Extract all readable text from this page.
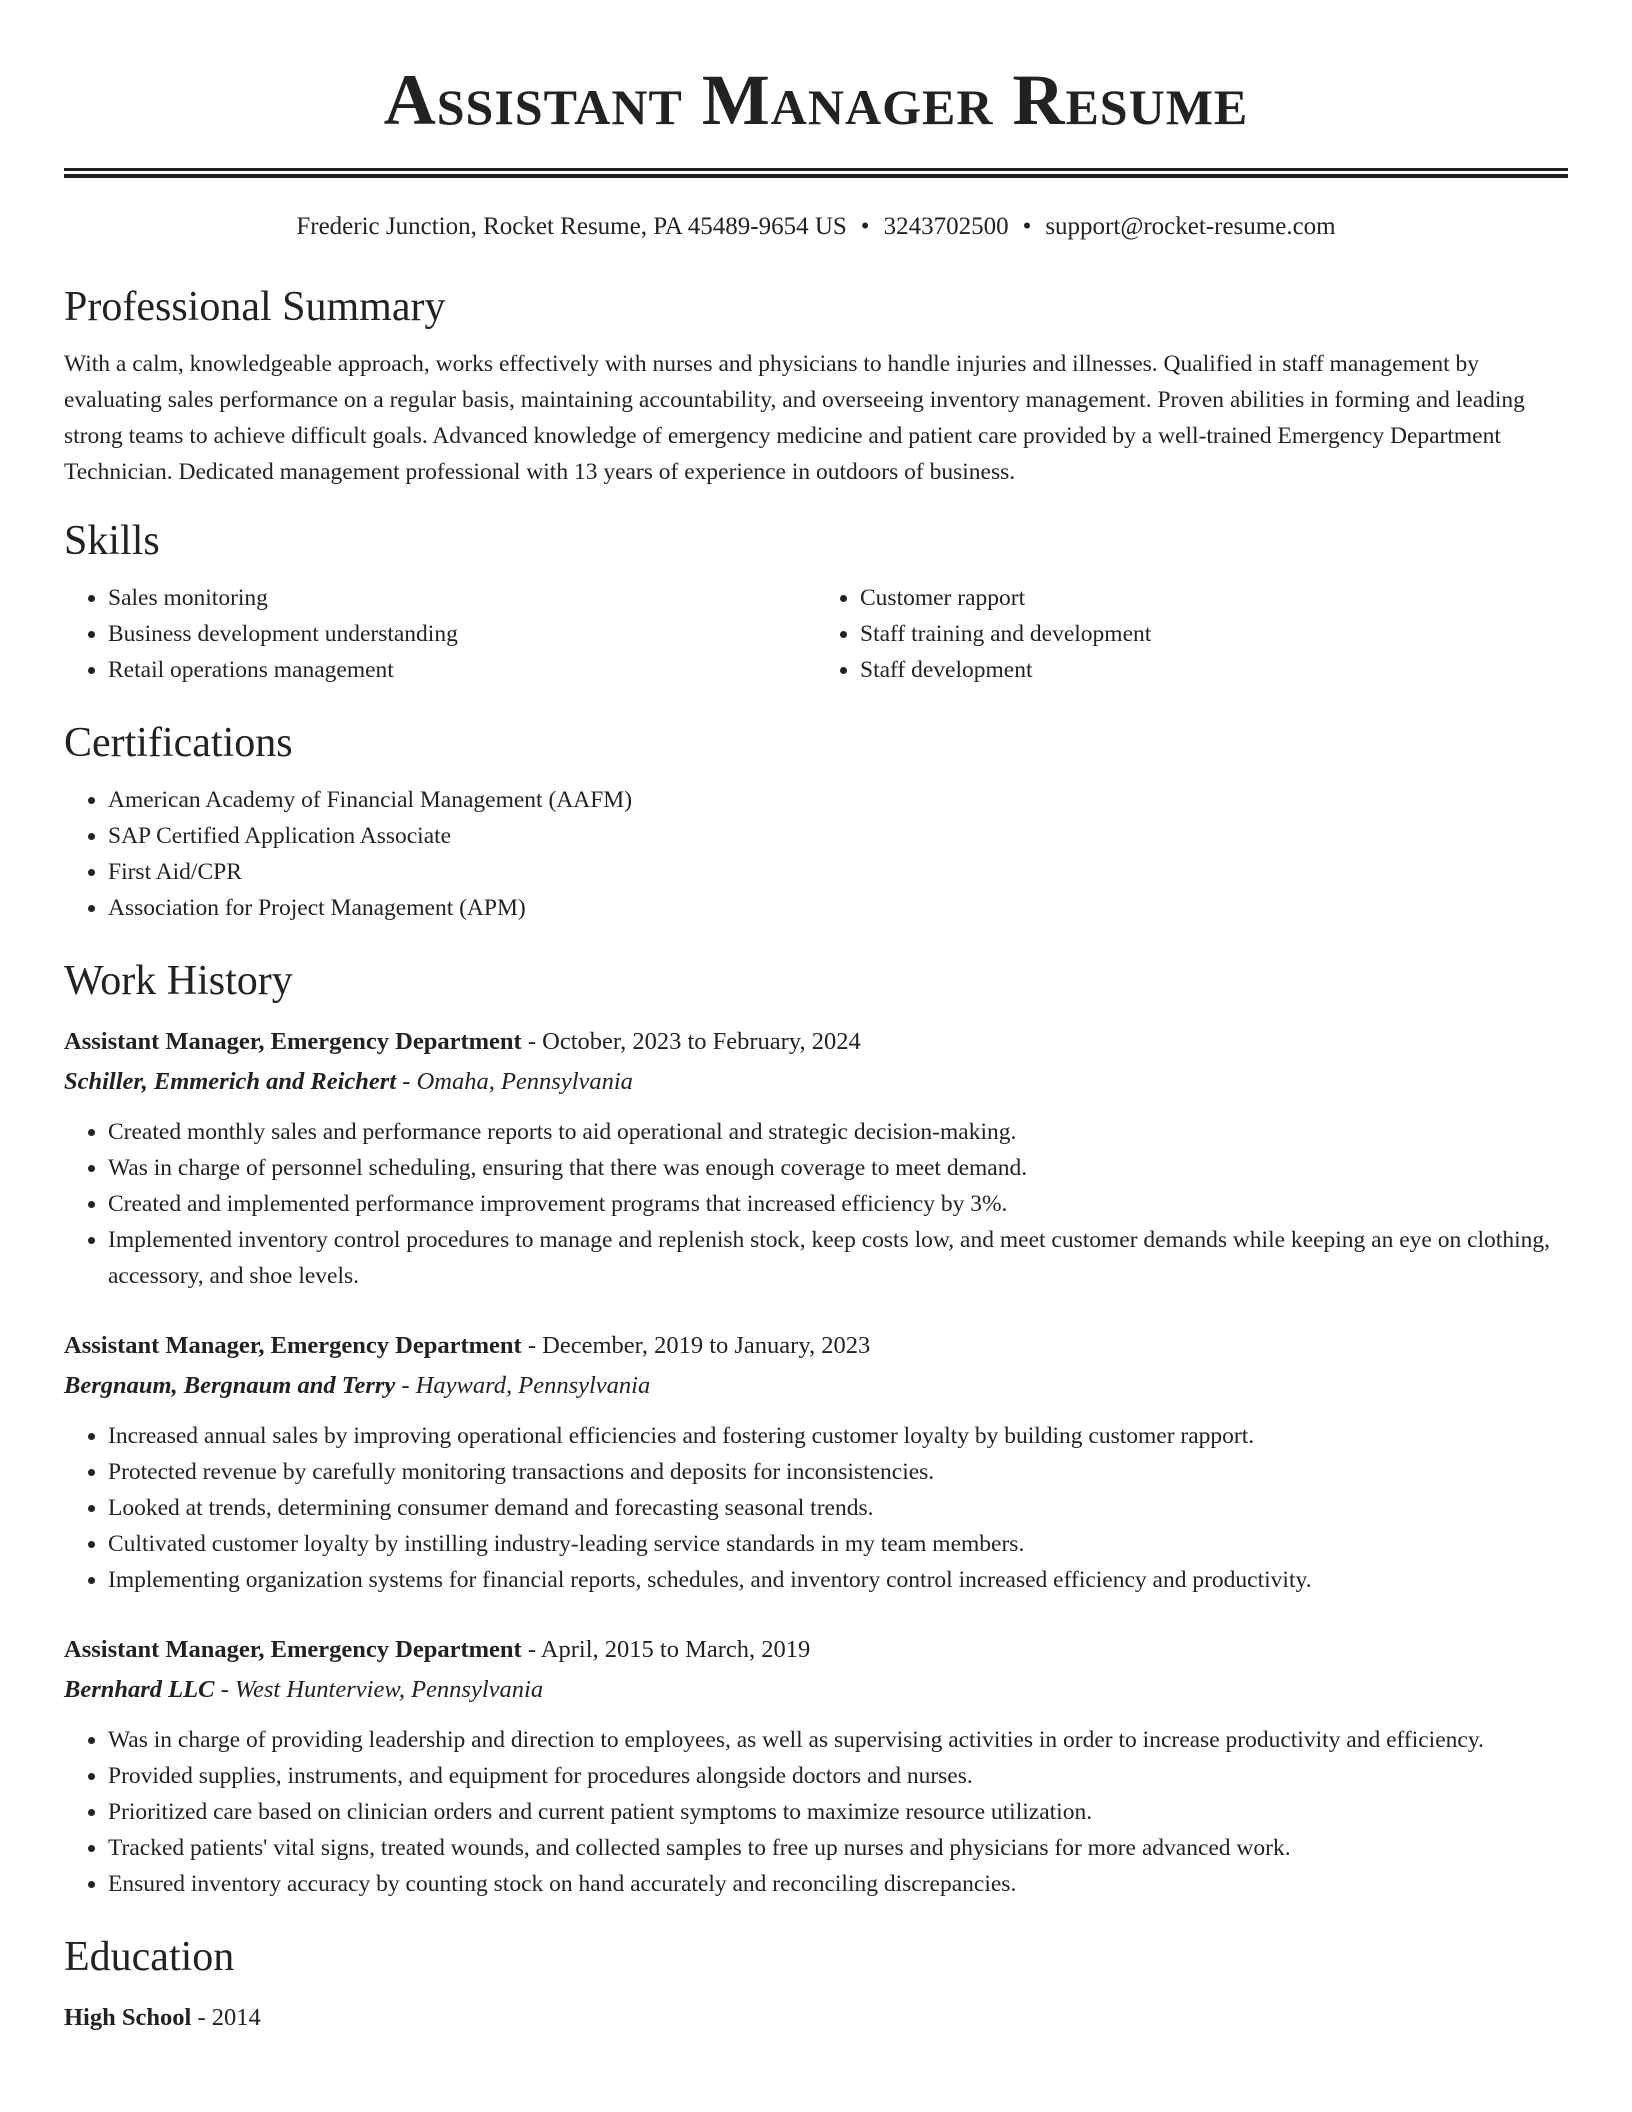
Assistant Manager Resume
Frederic Junction, Rocket Resume, PA 45489-9654 US • 3243702500 • support@rocket-resume.com
Professional Summary

With a calm, knowledgeable approach, works effectively with nurses and physicians to handle injuries and illnesses. Qualified in staff management by evaluating sales performance on a regular basis, maintaining accountability, and overseeing inventory management. Proven abilities in forming and leading strong teams to achieve difficult goals. Advanced knowledge of emergency medicine and patient care provided by a well-trained Emergency Department Technician. Dedicated management professional with 13 years of experience in outdoors of business.

Skills
• Sales monitoring
• Business development understanding
• Retail operations management
• Customer rapport
• Staff training and development
• Staff development
Certifications
• American Academy of Financial Management (AAFM)
• SAP Certified Application Associate
• First Aid/CPR
• Association for Project Management (APM)
Work History
Assistant Manager, Emergency Department - October, 2023 to February, 2024
Schiller, Emmerich and Reichert - Omaha, Pennsylvania
• Created monthly sales and performance reports to aid operational and strategic decision-making.
• Was in charge of personnel scheduling, ensuring that there was enough coverage to meet demand.
• Created and implemented performance improvement programs that increased efficiency by 3%.
• Implemented inventory control procedures to manage and replenish stock, keep costs low, and meet customer demands while keeping an eye on clothing, accessory, and shoe levels.
Assistant Manager, Emergency Department - December, 2019 to January, 2023
Bergnaum, Bergnaum and Terry - Hayward, Pennsylvania
• Increased annual sales by improving operational efficiencies and fostering customer loyalty by building customer rapport.
• Protected revenue by carefully monitoring transactions and deposits for inconsistencies.
• Looked at trends, determining consumer demand and forecasting seasonal trends.
• Cultivated customer loyalty by instilling industry-leading service standards in my team members.
• Implementing organization systems for financial reports, schedules, and inventory control increased efficiency and productivity.
Assistant Manager, Emergency Department - April, 2015 to March, 2019
Bernhard LLC - West Hunterview, Pennsylvania
• Was in charge of providing leadership and direction to employees, as well as supervising activities in order to increase productivity and efficiency.
• Provided supplies, instruments, and equipment for procedures alongside doctors and nurses.
• Prioritized care based on clinician orders and current patient symptoms to maximize resource utilization.
• Tracked patients' vital signs, treated wounds, and collected samples to free up nurses and physicians for more advanced work.
• Ensured inventory accuracy by counting stock on hand accurately and reconciling discrepancies.
Education
High School - 2014
